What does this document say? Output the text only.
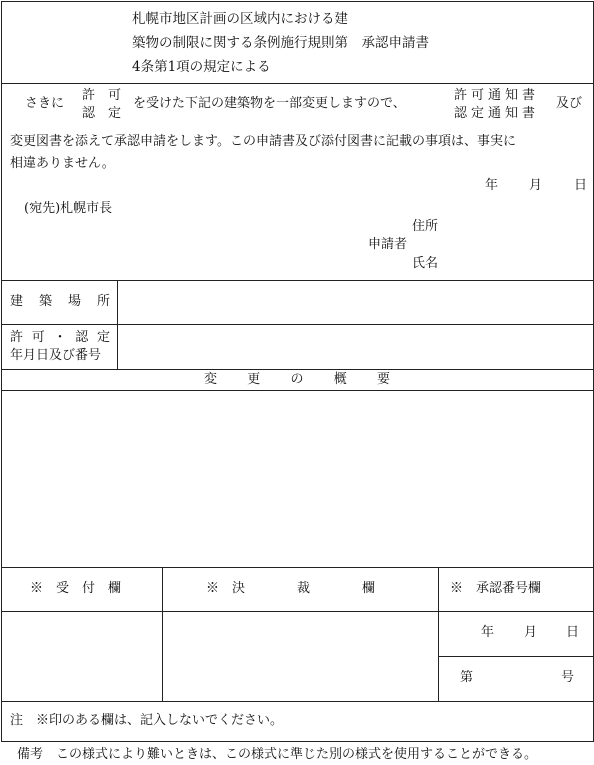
札幌市地区計画の区域内における建
築物の制限に関する条例施行規則第　承認申請書
4条第1項の規定による
さきに
許　可
認　定
を受けた下記の建築物を一部変更しますので、
許可通知書
認定通知書
及び
変更図書を添えて承認申請をします。この申請書及び添付図書に記載の事項は、事実に
相違ありません。
年 月 日
(宛先)札幌市長
住所
申請者
氏名
建 築 場 所
許 可 ・ 認 定
年月日及び番号
変 更 の 概 要
※　受　付　欄	※　決　　　　裁　　　　欄	※　承認番号欄
年 月 日
第	号
注　※印のある欄は、記入しないでください。
備考　この様式により難いときは、この様式に準じた別の様式を使用することができる。
